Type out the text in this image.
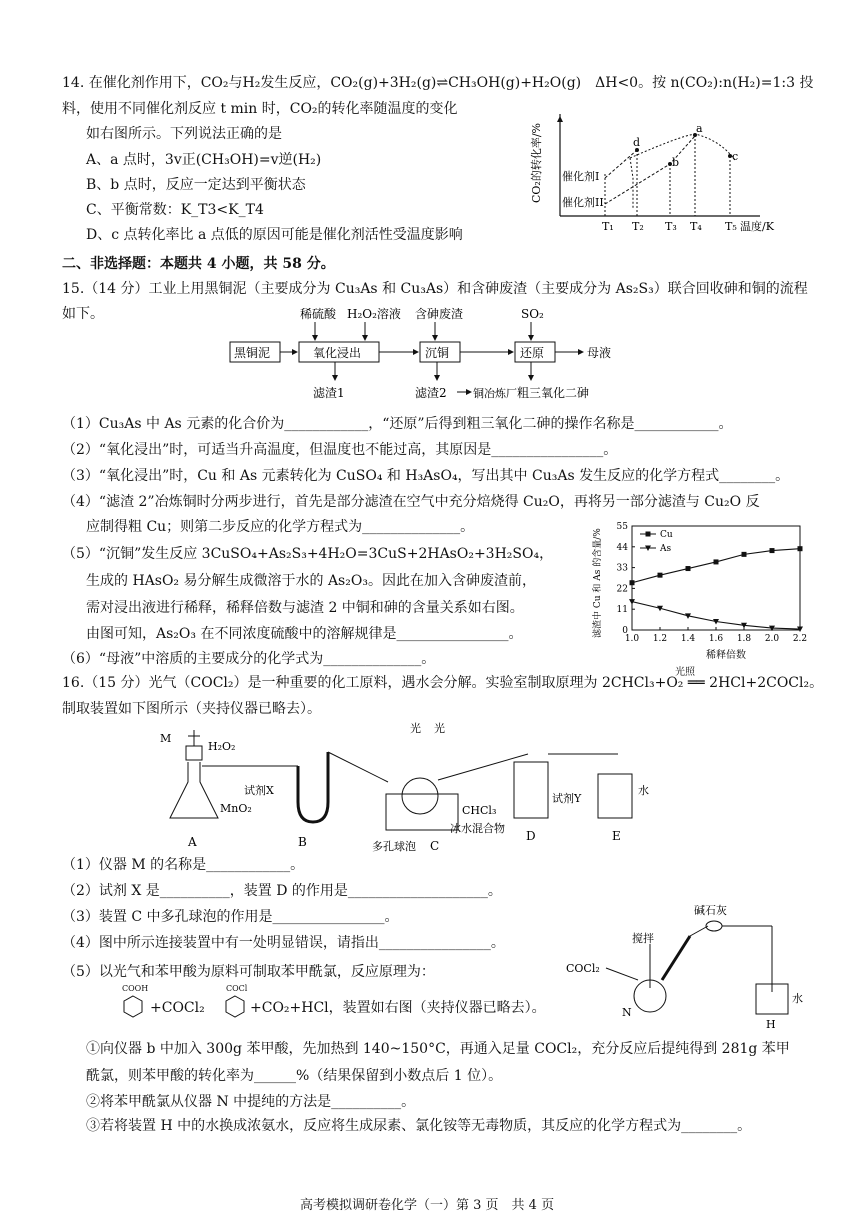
14. 在催化剂作用下，CO₂与H₂发生反应，CO₂(g)+3H₂(g)⇌CH₃OH(g)+H₂O(g)　ΔH<0。按 n(CO₂):n(H₂)=1:3 投
料，使用不同催化剂反应 t min 时，CO₂的转化率随温度的变化
如右图所示。下列说法正确的是
A、a 点时，3v正(CH₃OH)=v逆(H₂)
B、b 点时，反应一定达到平衡状态
C、平衡常数：K_T3<K_T4
D、c 点转化率比 a 点低的原因可能是催化剂活性受温度影响
CO₂的转化率/%	d
b
a
c
催化剂I
催化剂II
T₁ T₂ T₃ T₄ T₅ 温度/K
二、非选择题：本题共 4 小题，共 58 分。
15.（14 分）工业上用黑铜泥（主要成分为 Cu₃As 和 Cu₃As）和含砷废渣（主要成分为 As₂S₃）联合回收砷和铜的流程
如下。	稀硫酸 H₂O₂溶液 含砷废渣	SO₂
黑铜泥	氧化浸出	沉铜	还原	母液
滤渣1	滤渣2 铜冶炼厂 粗三氧化二砷
（1）Cu₃As 中 As 元素的化合价为____________，“还原”后得到粗三氧化二砷的操作名称是____________。
（2）“氧化浸出”时，可适当升高温度，但温度也不能过高，其原因是________________。
（3）“氧化浸出”时，Cu 和 As 元素转化为 CuSO₄ 和 H₃AsO₄，写出其中 Cu₃As 发生反应的化学方程式________。
（4）“滤渣 2”冶炼铜时分两步进行，首先是部分滤渣在空气中充分焙烧得 Cu₂O，再将另一部分滤渣与 Cu₂O 反
应制得粗 Cu；则第二步反应的化学方程式为______________。
（5）“沉铜”发生反应 3CuSO₄+As₂S₃+4H₂O=3CuS+2HAsO₂+3H₂SO₄，
生成的 HAsO₂ 易分解生成微溶于水的 As₂O₃。因此在加入含砷废渣前，
需对浸出液进行稀释，稀释倍数与滤渣 2 中铜和砷的含量关系如右图。
由图可知，As₂O₃ 在不同浓度硫酸中的溶解规律是________________。
（6）“母液”中溶质的主要成分的化学式为______________。
滤渣中 Cu 和 As 的含量/% 0
11
22
33
44
55
1.0 1.2 1.4 1.6 1.8 2.0 2.2
Cu
As
稀释倍数
16.（15 分）光气（COCl₂）是一种重要的化工原料，遇水会分解。实验室制取原理为 2CHCl₃+O₂ ══ 2HCl+2COCl₂。
光照
制取装置如下图所示（夹持仪器已略去）。
M
H₂O₂
MnO₂
试剂X
光 光
CHCl₃
冰水混合物
多孔球泡
试剂Y
水
A	B	C
D	E
（1）仪器 M 的名称是____________。
（2）试剂 X 是__________，装置 D 的作用是____________________。
（3）装置 C 中多孔球泡的作用是________________。
（4）图中所示连接装置中有一处明显错误，请指出________________。
（5）以光气和苯甲酸为原料可制取苯甲酰氯，反应原理为：
COOH
+COCl₂
COCl
+CO₂+HCl，装置如右图（夹持仪器已略去）。
碱石灰
搅拌
COCl₂
水
N
H
①向仪器 b 中加入 300g 苯甲酸，先加热到 140~150°C，再通入足量 COCl₂，充分反应后提纯得到 281g 苯甲
酰氯，则苯甲酸的转化率为______%（结果保留到小数点后 1 位）。
②将苯甲酰氯从仪器 N 中提纯的方法是__________。
③若将装置 H 中的水换成浓氨水，反应将生成尿素、氯化铵等无毒物质，其反应的化学方程式为________。
高考模拟调研卷化学（一）第 3 页　共 4 页
